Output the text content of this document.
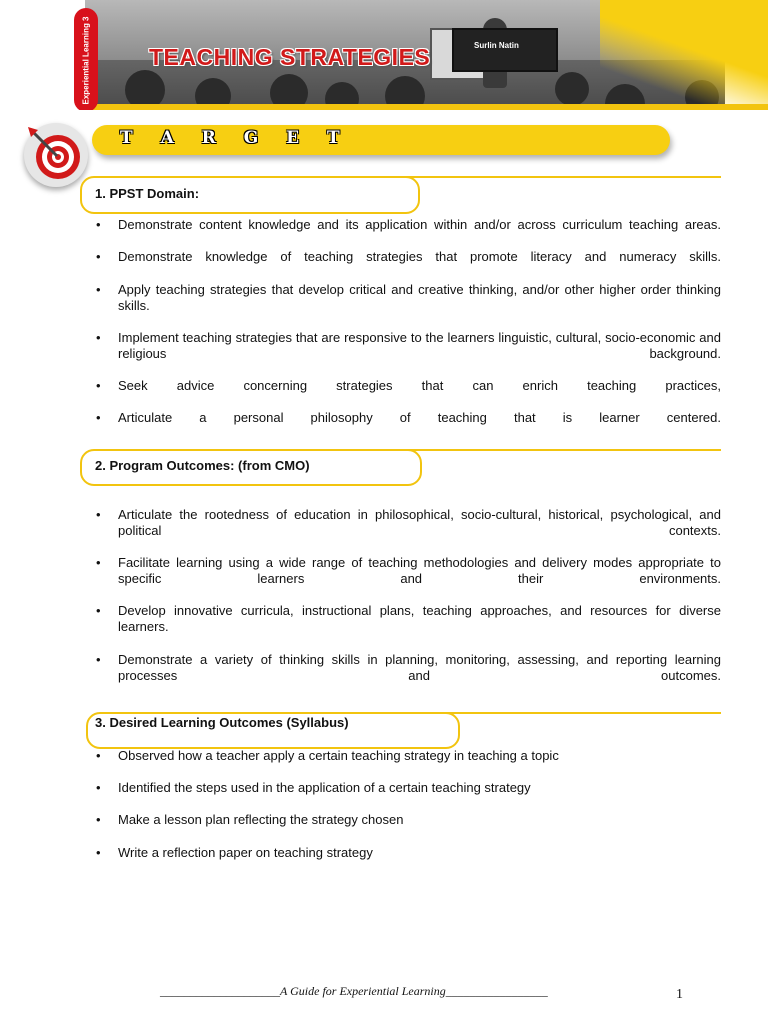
Surlin Natin
Experiential Learning 3	TEACHING STRATEGIES
T A R G E T
1. PPST Domain:
• Demonstrate content knowledge and its application within and/or across curriculum teaching areas.
• Demonstrate knowledge of teaching strategies that promote literacy and numeracy skills.
• Apply teaching strategies that develop critical and creative thinking, and/or other higher order thinking skills.
• Implement teaching strategies that are responsive to the learners linguistic, cultural, socio-economic and religious background.
• Seek advice concerning strategies that can enrich teaching practices,
• Articulate a personal philosophy of teaching that is learner centered.
2. Program Outcomes: (from CMO)
• Articulate the rootedness of education in philosophical, socio-cultural, historical, psychological, and political contexts.
• Facilitate learning using a wide range of teaching methodologies and delivery modes appropriate to specific learners and their environments.
• Develop innovative curricula, instructional plans, teaching approaches, and resources for diverse learners.
• Demonstrate a variety of thinking skills in planning, monitoring, assessing, and reporting learning processes and outcomes.
3. Desired Learning Outcomes (Syllabus)
• Observed how a teacher apply a certain teaching strategy in teaching a topic
• Identified the steps used in the application of a certain teaching strategy
• Make a lesson plan reflecting the strategy chosen
• Write a reflection paper on teaching strategy
____________________A Guide for Experiential Learning_________________	1
